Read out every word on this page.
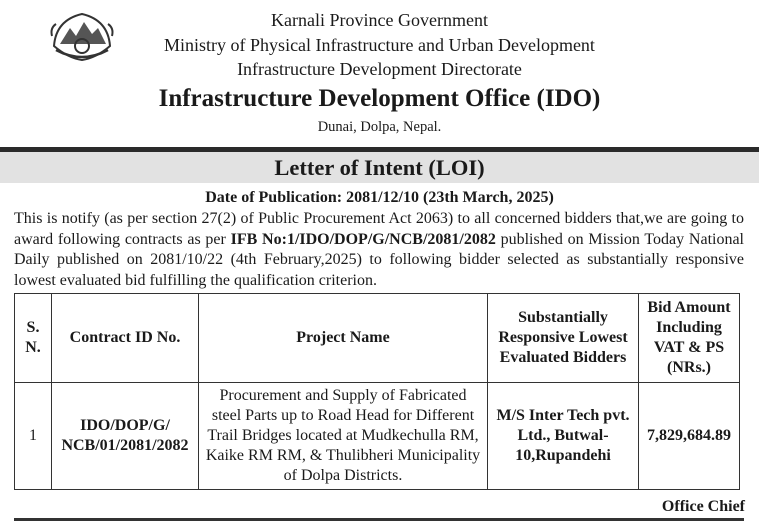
Karnali Province Government
Ministry of Physical Infrastructure and Urban Development
Infrastructure Development Directorate
Infrastructure Development Office (IDO)
Dunai, Dolpa, Nepal.
Letter of Intent (LOI)
Date of Publication: 2081/12/10 (23th March, 2025)
This is notify (as per section 27(2) of Public Procurement Act 2063) to all concerned bidders that,we are going to award following contracts as per IFB No:1/IDO/DOP/G/NCB/2081/2082 published on Mission Today National Daily published on 2081/10/22 (4th February,2025) to following bidder selected as substantially responsive lowest evaluated bid fulfilling the qualification criterion.
S. N.	Contract ID No.	Project Name	Substantially Responsive Lowest Evaluated Bidders	Bid Amount Including VAT & PS (NRs.)
1	IDO/DOP/G/ NCB/01/2081/2082	Procurement and Supply of Fabricated steel Parts up to Road Head for Different Trail Bridges located at Mudkechulla RM, Kaike RM RM, & Thulibheri Municipality of Dolpa Districts.	M/S Inter Tech pvt. Ltd., Butwal-10,Rupandehi	7,829,684.89
Office Chief
